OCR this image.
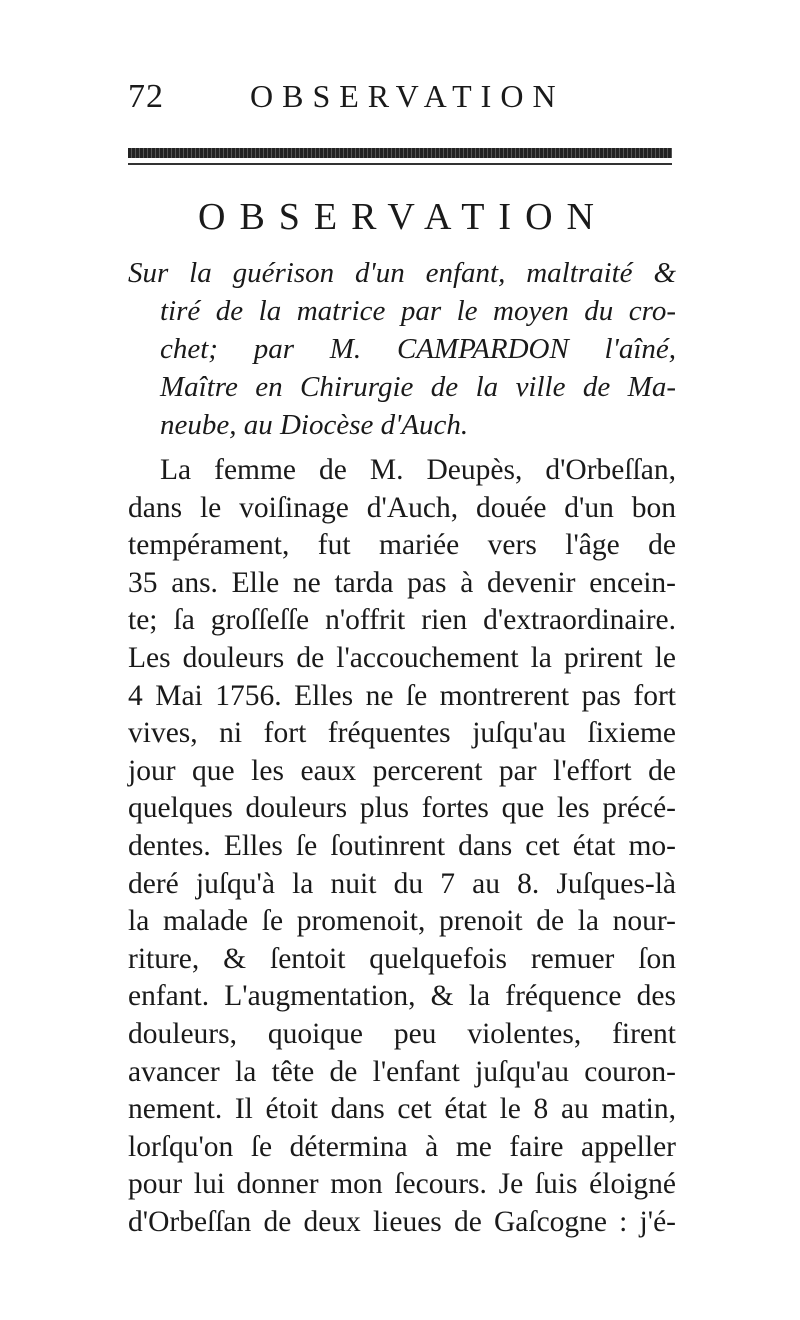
72	OBSERVATION
OBSERVATION
Sur la guérison d'un enfant, maltraité &
tiré de la matrice par le moyen du cro-
chet; par M. CAMPARDON l'aîné,
Maître en Chirurgie de la ville de Ma-
neube, au Diocèse d'Auch.
La femme de M. Deupès, d'Orbeſſan,
dans le voiſinage d'Auch, douée d'un bon
tempérament, fut mariée vers l'âge de
35 ans. Elle ne tarda pas à devenir encein-
te; ſa groſſeſſe n'offrit rien d'extraordinaire.
Les douleurs de l'accouchement la prirent le
4 Mai 1756. Elles ne ſe montrerent pas fort
vives, ni fort fréquentes juſqu'au ſixieme
jour que les eaux percerent par l'effort de
quelques douleurs plus fortes que les précé-
dentes. Elles ſe ſoutinrent dans cet état mo-
deré juſqu'à la nuit du 7 au 8. Juſques-là
la malade ſe promenoit, prenoit de la nour-
riture, & ſentoit quelquefois remuer ſon
enfant. L'augmentation, & la fréquence des
douleurs, quoique peu violentes, firent
avancer la tête de l'enfant juſqu'au couron-
nement. Il étoit dans cet état le 8 au matin,
lorſqu'on ſe détermina à me faire appeller
pour lui donner mon ſecours. Je ſuis éloigné
d'Orbeſſan de deux lieues de Gaſcogne : j'é-
